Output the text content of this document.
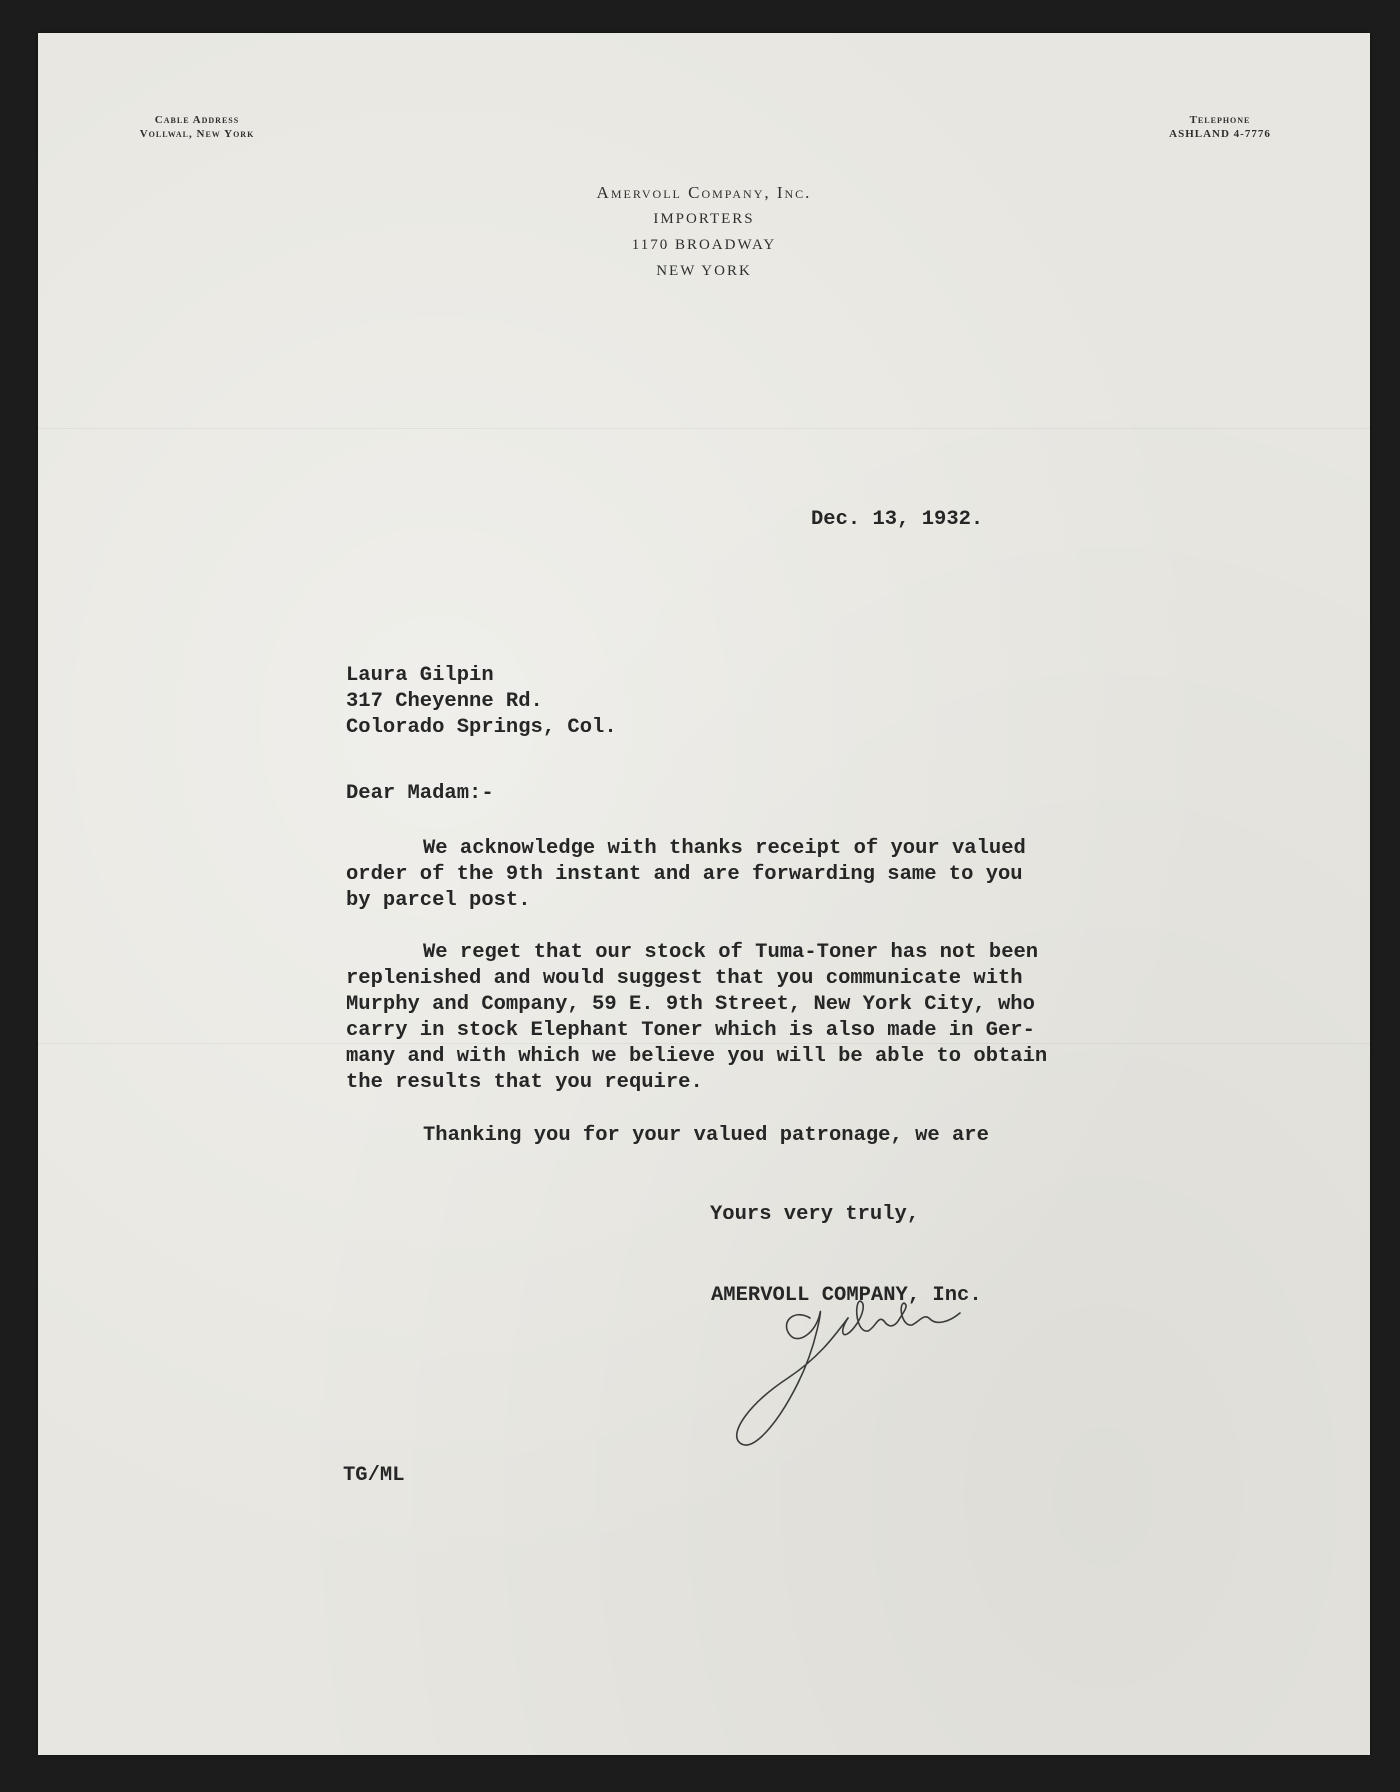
Cable Address
Vollwal, New York
Telephone
ASHLAND 4-7776
Amervoll Company, Inc.
IMPORTERS
1170 BROADWAY
NEW YORK
Dec. 13, 1932.
Laura Gilpin
317 Cheyenne Rd.
Colorado Springs, Col.
Dear Madam:-
We acknowledge with thanks receipt of your valued
order of the 9th instant and are forwarding same to you
by parcel post.
We reget that our stock of Tuma-Toner has not been
replenished and would suggest that you communicate with
Murphy and Company, 59 E. 9th Street, New York City, who
carry in stock Elephant Toner which is also made in Ger-
many and with which we believe you will be able to obtain
the results that you require.
Thanking you for your valued patronage, we are
Yours very truly,
AMERVOLL COMPANY, Inc.
TG/ML
